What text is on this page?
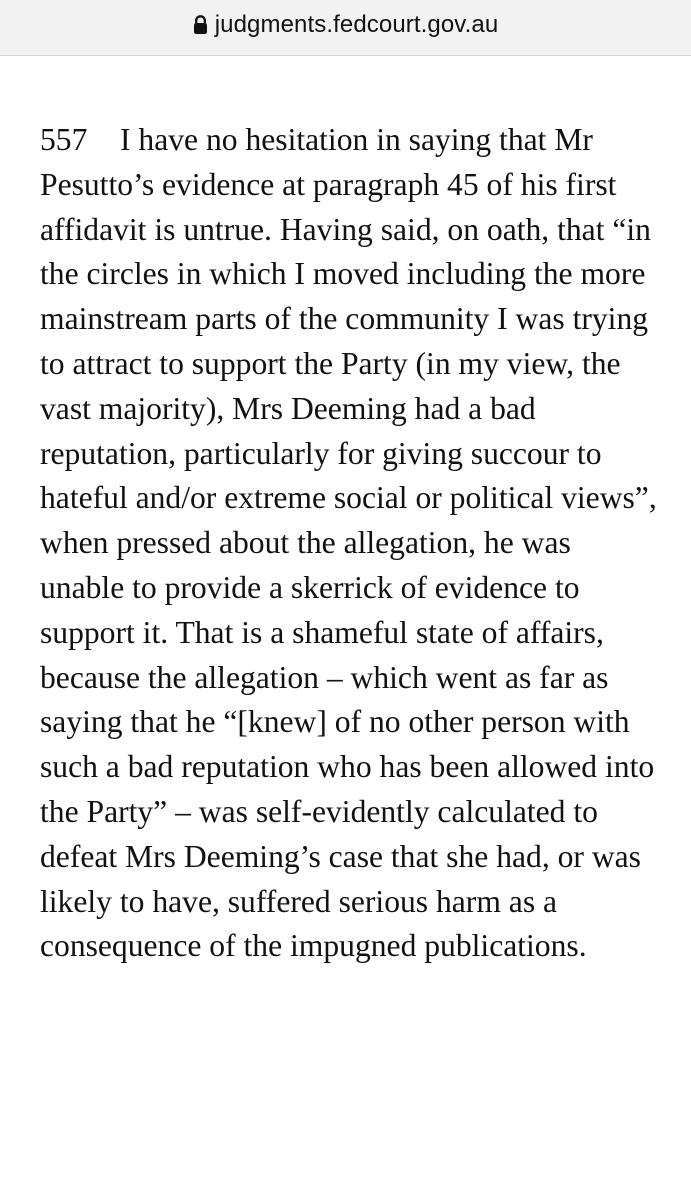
judgments.fedcourt.gov.au
557 I have no hesitation in saying that Mr
Pesutto’s evidence at paragraph 45 of his first
affidavit is untrue. Having said, on oath, that “in
the circles in which I moved including the more
mainstream parts of the community I was trying
to attract to support the Party (in my view, the
vast majority), Mrs Deeming had a bad
reputation, particularly for giving succour to
hateful and/or extreme social or political views”,
when pressed about the allegation, he was
unable to provide a skerrick of evidence to
support it. That is a shameful state of affairs,
because the allegation – which went as far as
saying that he “[knew] of no other person with
such a bad reputation who has been allowed into
the Party” – was self-evidently calculated to
defeat Mrs Deeming’s case that she had, or was
likely to have, suffered serious harm as a
consequence of the impugned publications.
